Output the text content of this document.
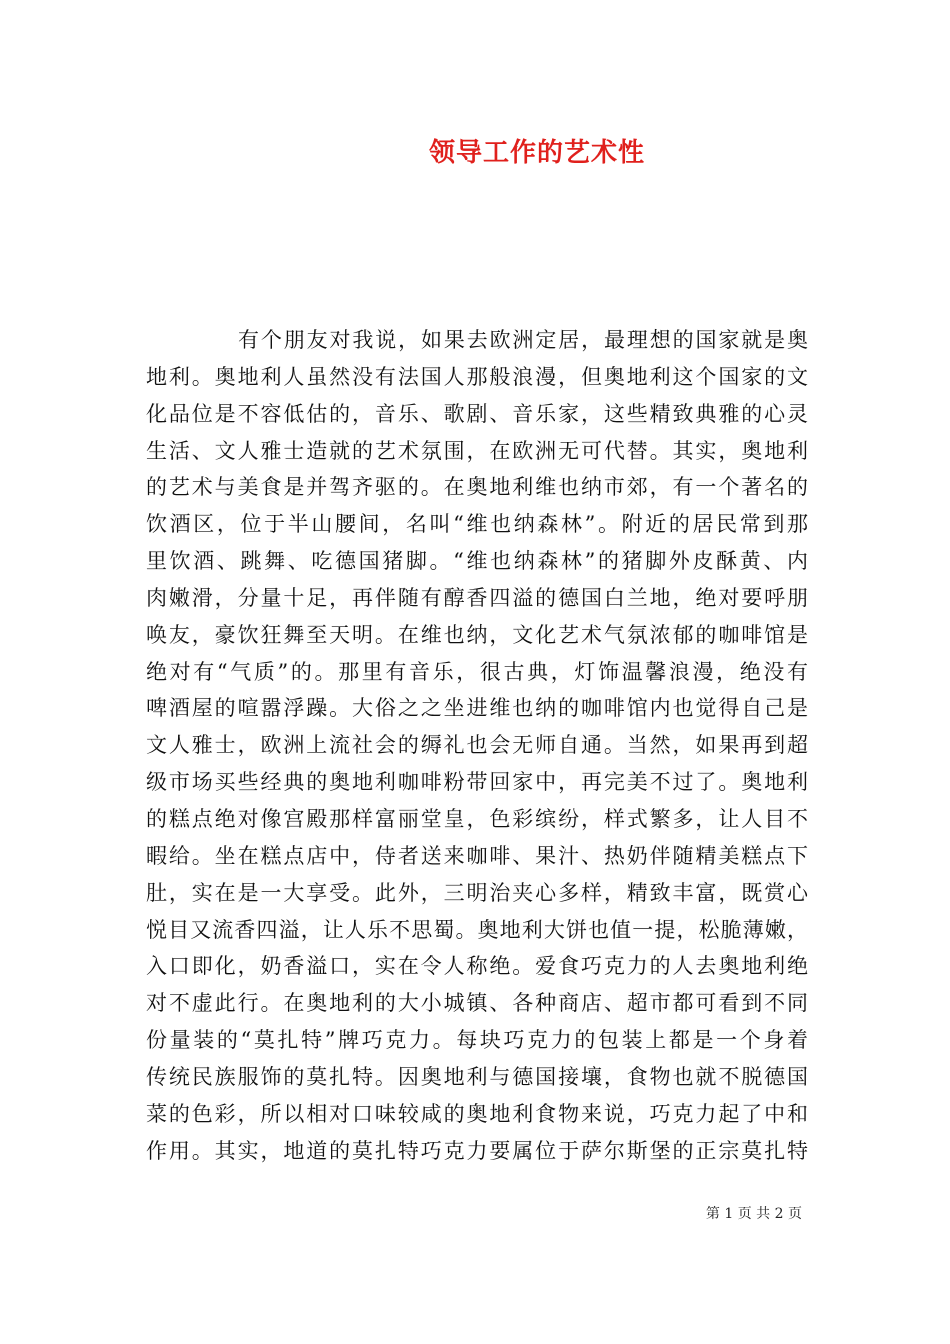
领导工作的艺术性
有个朋友对我说，如果去欧洲定居，最理想的国家就是奥
地利。奥地利人虽然没有法国人那般浪漫，但奥地利这个国家的文
化品位是不容低估的，音乐、歌剧、音乐家，这些精致典雅的心灵
生活、文人雅士造就的艺术氛围，在欧洲无可代替。其实，奥地利
的艺术与美食是并驾齐驱的。在奥地利维也纳市郊，有一个著名的
饮酒区，位于半山腰间，名叫“维也纳森林”。附近的居民常到那
里饮酒、跳舞、吃德国猪脚。“维也纳森林”的猪脚外皮酥黄、内
肉嫩滑，分量十足，再伴随有醇香四溢的德国白兰地，绝对要呼朋
唤友，豪饮狂舞至天明。在维也纳，文化艺术气氛浓郁的咖啡馆是
绝对有“气质”的。那里有音乐，很古典，灯饰温馨浪漫，绝没有
啤酒屋的喧嚣浮躁。大俗之之坐进维也纳的咖啡馆内也觉得自己是
文人雅士，欧洲上流社会的缛礼也会无师自通。当然，如果再到超
级市场买些经典的奥地利咖啡粉带回家中，再完美不过了。奥地利
的糕点绝对像宫殿那样富丽堂皇，色彩缤纷，样式繁多，让人目不
暇给。坐在糕点店中，侍者送来咖啡、果汁、热奶伴随精美糕点下
肚，实在是一大享受。此外，三明治夹心多样，精致丰富，既赏心
悦目又流香四溢，让人乐不思蜀。奥地利大饼也值一提，松脆薄嫩，
入口即化，奶香溢口，实在令人称绝。爱食巧克力的人去奥地利绝
对不虚此行。在奥地利的大小城镇、各种商店、超市都可看到不同
份量装的“莫扎特”牌巧克力。每块巧克力的包装上都是一个身着
传统民族服饰的莫扎特。因奥地利与德国接壤，食物也就不脱德国
菜的色彩，所以相对口味较咸的奥地利食物来说，巧克力起了中和
作用。其实，地道的莫扎特巧克力要属位于萨尔斯堡的正宗莫扎特
第 1 页 共 2 页
